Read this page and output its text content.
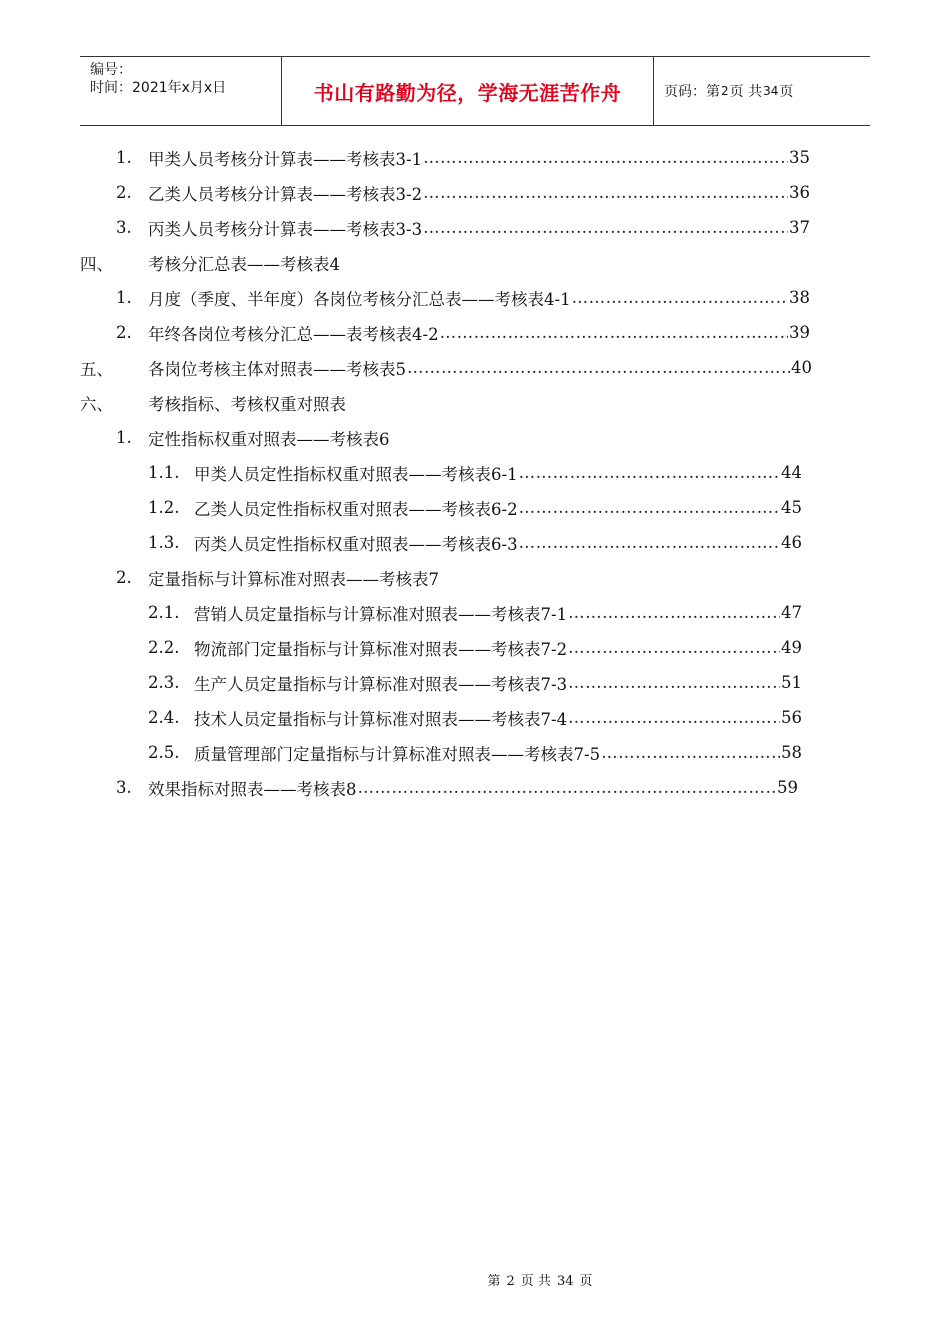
编号：
时间：2021年x月x日	书山有路勤为径，学海无涯苦作舟	页码：第 2 页 共 34 页
1. 甲类人员考核分计算表——考核表3-1 …………………………………………………………………………………………………………………………………………	35
2. 乙类人员考核分计算表——考核表3-2 …………………………………………………………………………………………………………………………………………	36
3. 丙类人员考核分计算表——考核表3-3 …………………………………………………………………………………………………………………………………………	37
四、	考核分汇总表——考核表4
1. 月度（季度、半年度）各岗位考核分汇总表——考核表4-1 …………………………………………………………………………………………………………………………………………	38
2. 年终各岗位考核分汇总——表考核表4-2 …………………………………………………………………………………………………………………………………………	39
五、	各岗位考核主体对照表——考核表5 …………………………………………………………………………………………………………………………………………	40
六、	考核指标、考核权重对照表
1. 定性指标权重对照表——考核表6
1.1. 甲类人员定性指标权重对照表——考核表6-1 …………………………………………………………………………………………………………………………………………	44
1.2. 乙类人员定性指标权重对照表——考核表6-2 …………………………………………………………………………………………………………………………………………	45
1.3. 丙类人员定性指标权重对照表——考核表6-3 …………………………………………………………………………………………………………………………………………	46
2. 定量指标与计算标准对照表——考核表7
2.1. 营销人员定量指标与计算标准对照表——考核表7-1 …………………………………………………………………………………………………………………………………………	47
2.2. 物流部门定量指标与计算标准对照表——考核表7-2 …………………………………………………………………………………………………………………………………………	49
2.3. 生产人员定量指标与计算标准对照表——考核表7-3 …………………………………………………………………………………………………………………………………………	51
2.4. 技术人员定量指标与计算标准对照表——考核表7-4 …………………………………………………………………………………………………………………………………………	56
2.5. 质量管理部门定量指标与计算标准对照表——考核表7-5 …………………………………………………………………………………………………………………………………………	58
3. 效果指标对照表——考核表8 …………………………………………………………………………………………………………………………………………	59
第 2 页 共 34 页
